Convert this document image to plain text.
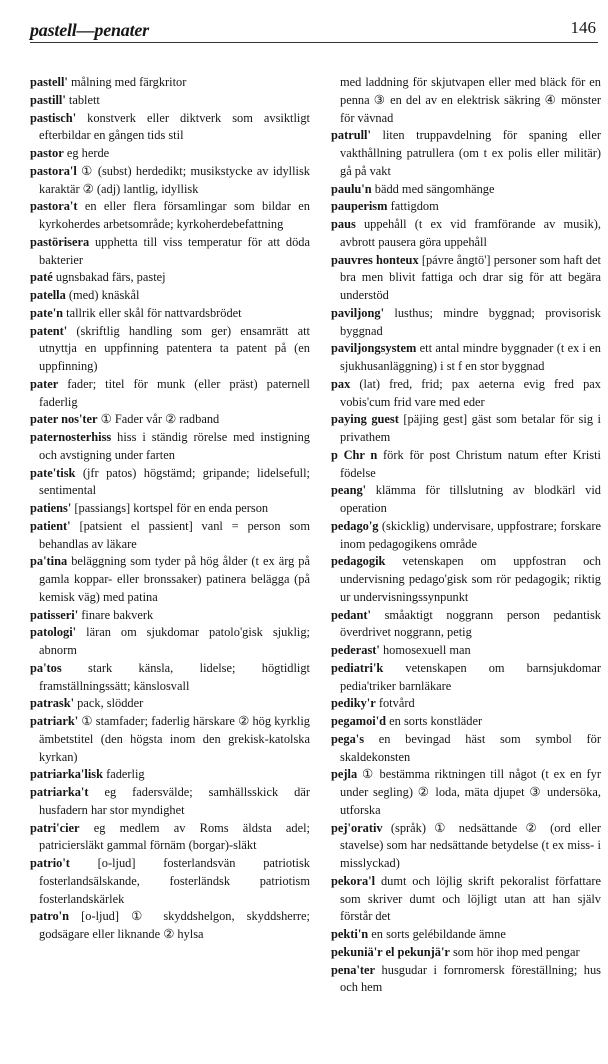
pastell—penater	146

pastell' målning med färgkritor

pastill' tablett

pastisch' konstverk eller diktverk som avsiktligt efterbildar en gången tids stil

pastor eg herde

pastora'l ① (subst) herdedikt; musikstycke av idyllisk karaktär ② (adj) lantlig, idyllisk

pastora't en eller flera församlingar som bildar en kyrkoherdes arbetsområde; kyrkoherdebefattning

pastörisera upphetta till viss temperatur för att döda bakterier

paté ugnsbakad färs, pastej

patella (med) knäskål

pate'n tallrik eller skål för nattvardsbrödet

patent' (skriftlig handling som ger) ensamrätt att utnyttja en uppfinning patentera ta patent på (en uppfinning)

pater fader; titel för munk (eller präst) paternell faderlig

pater nos'ter ① Fader vår ② radband

paternosterhiss hiss i ständig rörelse med instigning och avstigning under farten

pate'tisk (jfr patos) högstämd; gripande; lidelsefull; sentimental

patiens' [passiangs] kortspel för en enda person

patient' [patsient el passient] vanl = person som behandlas av läkare

pa'tina beläggning som tyder på hög ålder (t ex ärg på gamla koppar- eller bronssaker) patinera belägga (på kemisk väg) med patina

patisseri' finare bakverk

patologi' läran om sjukdomar patolo'gisk sjuklig; abnorm

pa'tos stark känsla, lidelse; högtidligt framställningssätt; känslosvall

patrask' pack, slödder

patriark' ① stamfader; faderlig härskare ② hög kyrklig ämbetstitel (den högsta inom den grekisk-katolska kyrkan)

patriarka'lisk faderlig

patriarka't eg fadersvälde; samhällsskick där husfadern har stor myndighet

patri'cier eg medlem av Roms äldsta adel; patriciersläkt gammal förnäm (borgar)-släkt

patrio't [o-ljud] fosterlandsvän patriotisk fosterlandsälskande, fosterländsk patriotism fosterlandskärlek

patro'n [o-ljud] ① skyddshelgon, skyddsherre; godsägare eller liknande ② hylsa

med laddning för skjutvapen eller med bläck för en penna ③ en del av en elektrisk säkring ④ mönster för vävnad

patrull' liten truppavdelning för spaning eller vakthållning patrullera (om t ex polis eller militär) gå på vakt

paulu'n bädd med sängomhänge

pauperism fattigdom

paus uppehåll (t ex vid framförande av musik), avbrott pausera göra uppehåll

pauvres honteux [pávre ångtö'] personer som haft det bra men blivit fattiga och drar sig för att begära understöd

paviljong' lusthus; mindre byggnad; provisorisk byggnad

paviljongsystem ett antal mindre byggnader (t ex i en sjukhusanläggning) i st f en stor byggnad

pax (lat) fred, frid; pax aeterna evig fred pax vobis'cum frid vare med eder

paying guest [päjing gest] gäst som betalar för sig i privathem

p Chr n förk för post Christum natum efter Kristi födelse

peang' klämma för tillslutning av blodkärl vid operation

pedago'g (skicklig) undervisare, uppfostrare; forskare inom pedagogikens område

pedagogik vetenskapen om uppfostran och undervisning pedago'gisk som rör pedagogik; riktig ur undervisningssynpunkt

pedant' småaktigt noggrann person pedantisk överdrivet noggrann, petig

pederast' homosexuell man

pediatri'k vetenskapen om barnsjukdomar pedia'triker barnläkare

pediky'r fotvård

pegamoi'd en sorts konstläder

pega's en bevingad häst som symbol för skaldekonsten

pejla ① bestämma riktningen till något (t ex en fyr under segling) ② loda, mäta djupet ③ undersöka, utforska

pej'orativ (språk) ① nedsättande ② (ord eller stavelse) som har nedsättande betydelse (t ex miss- i misslyckad)

pekora'l dumt och löjlig skrift pekoralist författare som skriver dumt och löjligt utan att han själv förstår det

pekti'n en sorts gelébildande ämne

pekuniä'r el pekunjä'r som hör ihop med pengar

pena'ter husgudar i fornromersk föreställning; hus och hem
